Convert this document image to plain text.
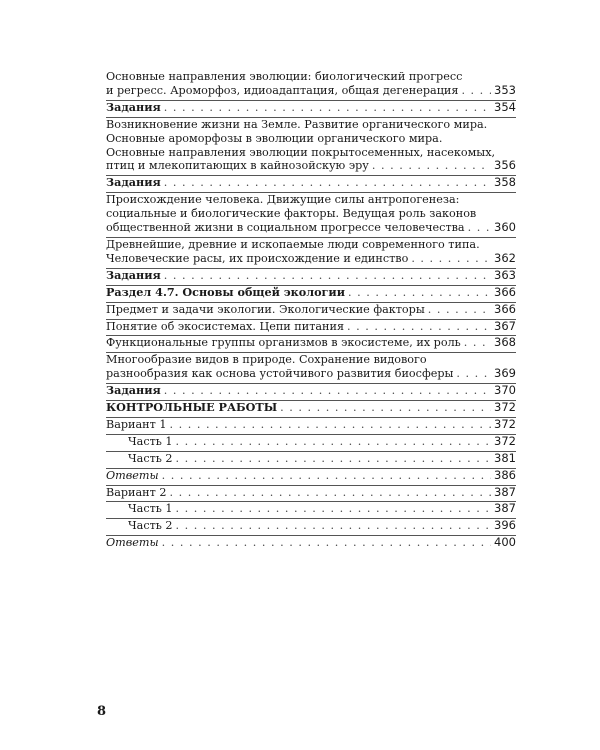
Основные направления эволюции: биологический прогресс
и регресс. Ароморфоз, идиоадаптация, общая дегенерация . . .	353
Задания . . .	354
Возникновение жизни на Земле. Развитие органического мира.
Основные ароморфозы в эволюции органического мира.
Основные направления эволюции покрытосеменных, насекомых,
птиц и млекопитающих в кайнозойскую эру . . .	356
Задания . . .	358
Происхождение человека. Движущие силы антропогенеза:
социальные и биологические факторы. Ведущая роль законов
общественной жизни в социальном прогрессе человечества . . .	360
Древнейшие, древние и ископаемые люди современного типа.
Человеческие расы, их происхождение и единство . . .	362
Задания . . .	363
Раздел 4.7. Основы общей экологии . . .	366
Предмет и задачи экологии. Экологические факторы . . .	366
Понятие об экосистемах. Цепи питания . . .	367
Функциональные группы организмов в экосистеме, их роль . . .	368
Многообразие видов в природе. Сохранение видового
разнообразия как основа устойчивого развития биосферы . . .	369
Задания . . .	370
КОНТРОЛЬНЫЕ РАБОТЫ . . .	372
Вариант 1 . . .	372
Часть 1 . . .	372
Часть 2 . . .	381
Ответы . . .	386
Вариант 2 . . .	387
Часть 1 . . .	387
Часть 2 . . .	396
Ответы . . .	400
8
